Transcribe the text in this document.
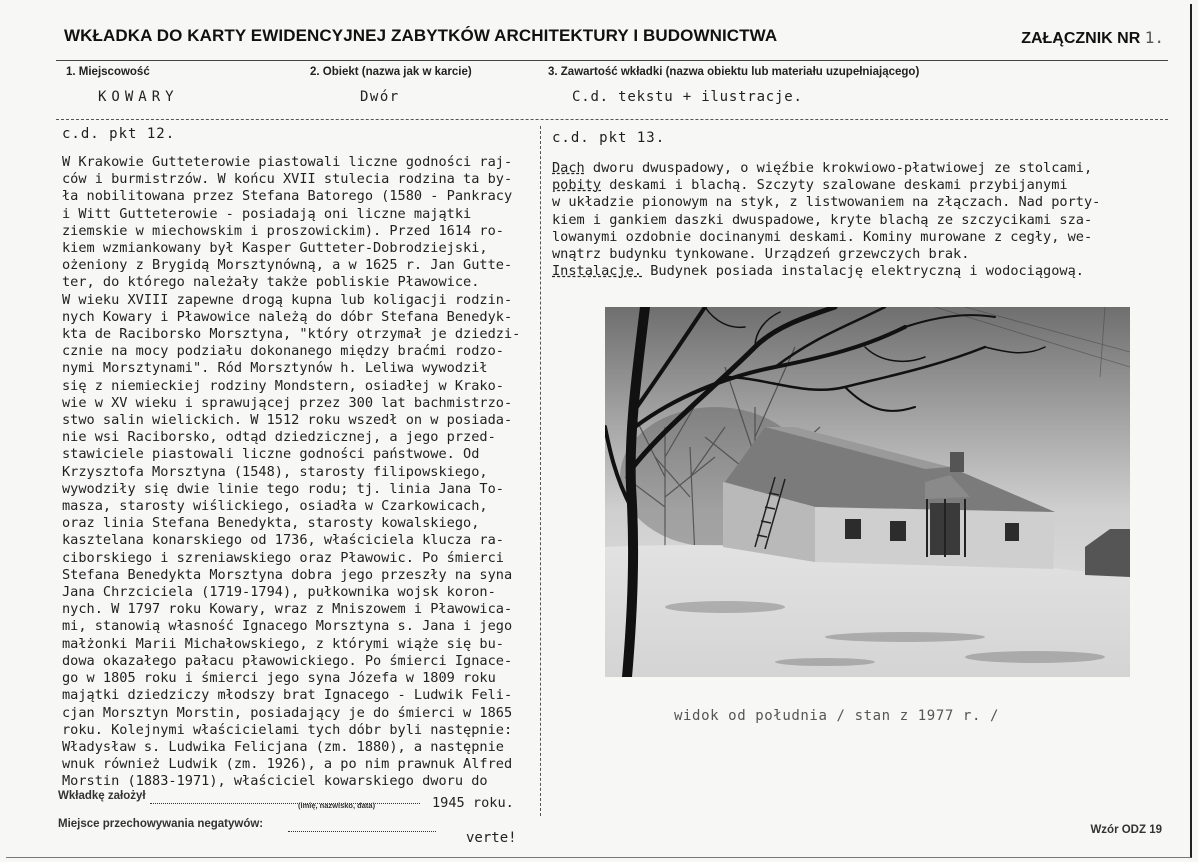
WKŁADKA DO KARTY EWIDENCYJNEJ ZABYTKÓW ARCHITEKTURY I BUDOWNICTWA	ZAŁĄCZNIK NR 1.
1. Miejscowość	2. Obiekt (nazwa jak w karcie)	3. Zawartość wkładki (nazwa obiektu lub materiału uzupełniającego)
KOWARY	Dwór	C.d. tekstu + ilustracje.
c.d. pkt 12.	c.d. pkt 13.
W Krakowie Gutteterowie piastowali liczne godności raj-
ców i burmistrzów. W końcu XVII stulecia rodzina ta by-
ła nobilitowana przez Stefana Batorego (1580 - Pankracy
i Witt Gutteterowie - posiadają oni liczne majątki
ziemskie w miechowskim i proszowickim). Przed 1614 ro-
kiem wzmiankowany był Kasper Gutteter-Dobrodziejski,
ożeniony z Brygidą Morsztynówną, a w 1625 r. Jan Gutte-
ter, do którego należały także pobliskie Pławowice.
W wieku XVIII zapewne drogą kupna lub koligacji rodzin-
nych Kowary i Pławowice należą do dóbr Stefana Benedyk-
kta de Raciborsko Morsztyna, "który otrzymał je dziedzi-
cznie na mocy podziału dokonanego między braćmi rodzo-
nymi Morsztynami". Ród Morsztynów h. Leliwa wywodził
się z niemieckiej rodziny Mondstern, osiadłej w Krako-
wie w XV wieku i sprawującej przez 300 lat bachmistrzo-
stwo salin wielickich. W 1512 roku wszedł on w posiada-
nie wsi Raciborsko, odtąd dziedzicznej, a jego przed-
stawiciele piastowali liczne godności państwowe. Od
Krzysztofa Morsztyna (1548), starosty filipowskiego,
wywodziły się dwie linie tego rodu; tj. linia Jana To-
masza, starosty wiślickiego, osiadła w Czarkowicach,
oraz linia Stefana Benedykta, starosty kowalskiego,
kasztelana konarskiego od 1736, właściciela klucza ra-
ciborskiego i szreniawskiego oraz Pławowic. Po śmierci
Stefana Benedykta Morsztyna dobra jego przeszły na syna
Jana Chrzciciela (1719-1794), pułkownika wojsk koron-
nych. W 1797 roku Kowary, wraz z Mniszowem i Pławowica-
mi, stanowią własność Ignacego Morsztyna s. Jana i jego
małżonki Marii Michałowskiego, z którymi wiąże się bu-
dowa okazałego pałacu pławowickiego. Po śmierci Ignace-
go w 1805 roku i śmierci jego syna Józefa w 1809 roku
majątki dziedziczy młodszy brat Ignacego - Ludwik Feli-
cjan Morsztyn Morstin, posiadający je do śmierci w 1865
roku. Kolejnymi właścicielami tych dóbr byli następnie:
Władysław s. Ludwika Felicjana (zm. 1880), a następnie
wnuk również Ludwik (zm. 1926), a po nim prawnuk Alfred
Morstin (1883-1971), właściciel kowarskiego dworu do
Dach dworu dwuspadowy, o więźbie krokwiowo-płatwiowej ze stolcami,
pobity deskami i blachą. Szczyty szalowane deskami przybijanymi
w układzie pionowym na styk, z listwowaniem na złączach. Nad porty-
kiem i gankiem daszki dwuspadowe, kryte blachą ze szczycikami sza-
lowanymi ozdobnie docinanymi deskami. Kominy murowane z cegły, we-
wnątrz budynku tynkowane. Urządzeń grzewczych brak.
Instalacje. Budynek posiada instalację elektryczną i wodociągową.
widok od południa / stan z 1977 r. /
Wkładkę założył
(imię, nazwisko, data)	1945 roku.
Miejsce przechowywania negatywów:
verte!	Wzór ODZ 19
